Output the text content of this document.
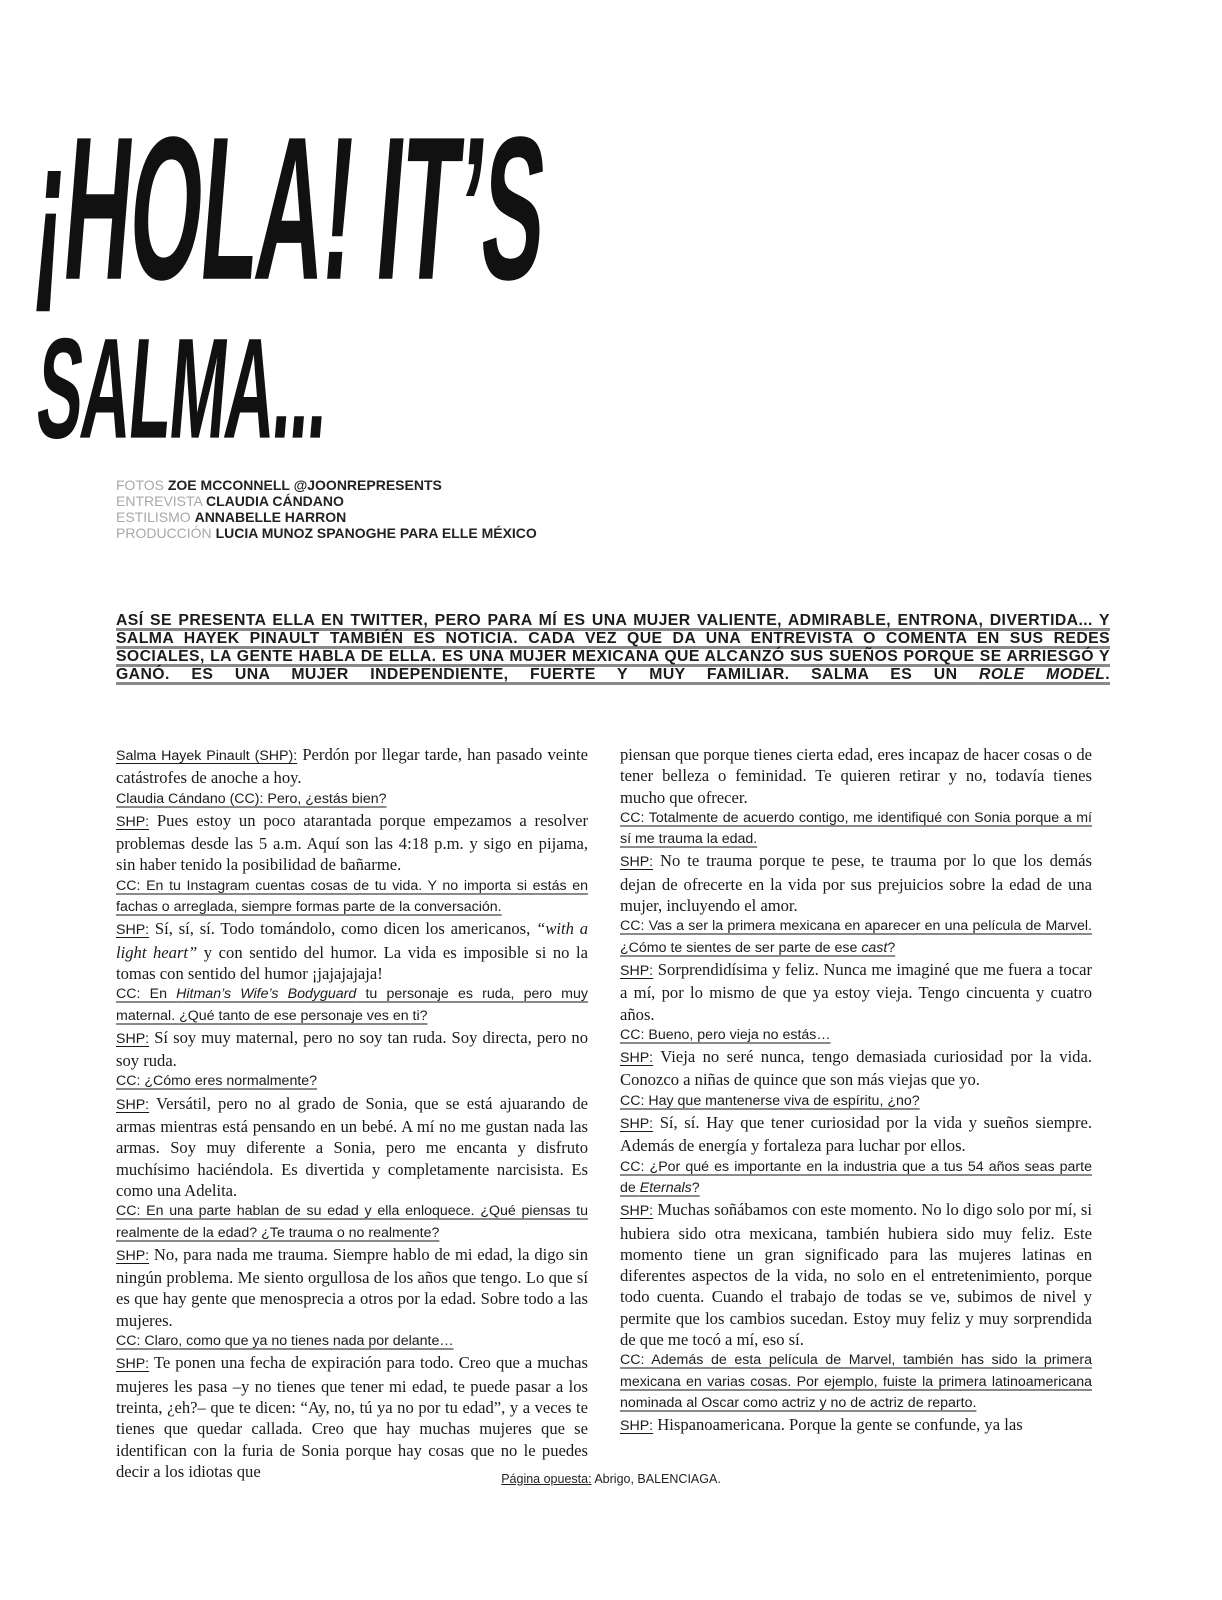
¡HOLA! IT’S
SALMA...
FOTOS ZOE MCCONNELL @JOONREPRESENTS
ENTREVISTA CLAUDIA CÁNDANO
ESTILISMO ANNABELLE HARRON
PRODUCCIÓN LUCIA MUNOZ SPANOGHE PARA ELLE MÉXICO
ASÍ SE PRESENTA ELLA EN TWITTER, PERO PARA MÍ ES UNA MUJER VALIENTE, ADMIRABLE, ENTRONA, DIVERTIDA... Y SALMA HAYEK PINAULT TAMBIÉN ES NOTICIA. CADA VEZ QUE DA UNA ENTREVISTA O COMENTA EN SUS REDES SOCIALES, LA GENTE HABLA DE ELLA. ES UNA MUJER MEXICANA QUE ALCANZÓ SUS SUEÑOS PORQUE SE ARRIESGÓ Y GANÓ. ES UNA MUJER INDEPENDIENTE, FUERTE Y MUY FAMILIAR. SALMA ES UN ROLE MODEL.

Salma Hayek Pinault (SHP): Perdón por llegar tarde, han pasado veinte catástrofes de anoche a hoy.

Claudia Cándano (CC): Pero, ¿estás bien?

SHP: Pues estoy un poco atarantada porque empezamos a resolver problemas desde las 5 a.m. Aquí son las 4:18 p.m. y sigo en pijama, sin haber tenido la posibilidad de bañarme.

CC: En tu Instagram cuentas cosas de tu vida. Y no importa si estás en fachas o arreglada, siempre formas parte de la conversación.

SHP: Sí, sí, sí. Todo tomándolo, como dicen los americanos, “with a light heart” y con sentido del humor. La vida es imposible si no la tomas con sentido del humor ¡jajajajaja!

CC: En Hitman’s Wife’s Bodyguard tu personaje es ruda, pero muy maternal. ¿Qué tanto de ese personaje ves en ti?

SHP: Sí soy muy maternal, pero no soy tan ruda. Soy directa, pero no soy ruda.

CC: ¿Cómo eres normalmente?

SHP: Versátil, pero no al grado de Sonia, que se está ajuarando de armas mientras está pensando en un bebé. A mí no me gustan nada las armas. Soy muy diferente a Sonia, pero me encanta y disfruto muchísimo haciéndola. Es divertida y completamente narcisista. Es como una Adelita.

CC: En una parte hablan de su edad y ella enloquece. ¿Qué piensas tu realmente de la edad? ¿Te trauma o no realmente?

SHP: No, para nada me trauma. Siempre hablo de mi edad, la digo sin ningún problema. Me siento orgullosa de los años que tengo. Lo que sí es que hay gente que menosprecia a otros por la edad. Sobre todo a las mujeres.

CC: Claro, como que ya no tienes nada por delante…

SHP: Te ponen una fecha de expiración para todo. Creo que a muchas mujeres les pasa –y no tienes que tener mi edad, te puede pasar a los treinta, ¿eh?– que te dicen: “Ay, no, tú ya no por tu edad”, y a veces te tienes que quedar callada. Creo que hay muchas mujeres que se identifican con la furia de Sonia porque hay cosas que no le puedes decir a los idiotas que

piensan que porque tienes cierta edad, eres incapaz de hacer cosas o de tener belleza o feminidad. Te quieren retirar y no, todavía tienes mucho que ofrecer.

CC: Totalmente de acuerdo contigo, me identifiqué con Sonia porque a mí sí me trauma la edad.

SHP: No te trauma porque te pese, te trauma por lo que los demás dejan de ofrecerte en la vida por sus prejuicios sobre la edad de una mujer, incluyendo el amor.

CC: Vas a ser la primera mexicana en aparecer en una película de Marvel. ¿Cómo te sientes de ser parte de ese cast?

SHP: Sorprendidísima y feliz. Nunca me imaginé que me fuera a tocar a mí, por lo mismo de que ya estoy vieja. Tengo cincuenta y cuatro años.

CC: Bueno, pero vieja no estás…

SHP: Vieja no seré nunca, tengo demasiada curiosidad por la vida. Conozco a niñas de quince que son más viejas que yo.

CC: Hay que mantenerse viva de espíritu, ¿no?

SHP: Sí, sí. Hay que tener curiosidad por la vida y sueños siempre. Además de energía y fortaleza para luchar por ellos.

CC: ¿Por qué es importante en la industria que a tus 54 años seas parte de Eternals?

SHP: Muchas soñábamos con este momento. No lo digo solo por mí, si hubiera sido otra mexicana, también hubiera sido muy feliz. Este momento tiene un gran significado para las mujeres latinas en diferentes aspectos de la vida, no solo en el entretenimiento, porque todo cuenta. Cuando el trabajo de todas se ve, subimos de nivel y permite que los cambios sucedan. Estoy muy feliz y muy sorprendida de que me tocó a mí, eso sí.

CC: Además de esta película de Marvel, también has sido la primera mexicana en varias cosas. Por ejemplo, fuiste la primera latinoamericana nominada al Oscar como actriz y no de actriz de reparto.

SHP: Hispanoamericana. Porque la gente se confunde, ya las

Página opuesta: Abrigo, BALENCIAGA.
